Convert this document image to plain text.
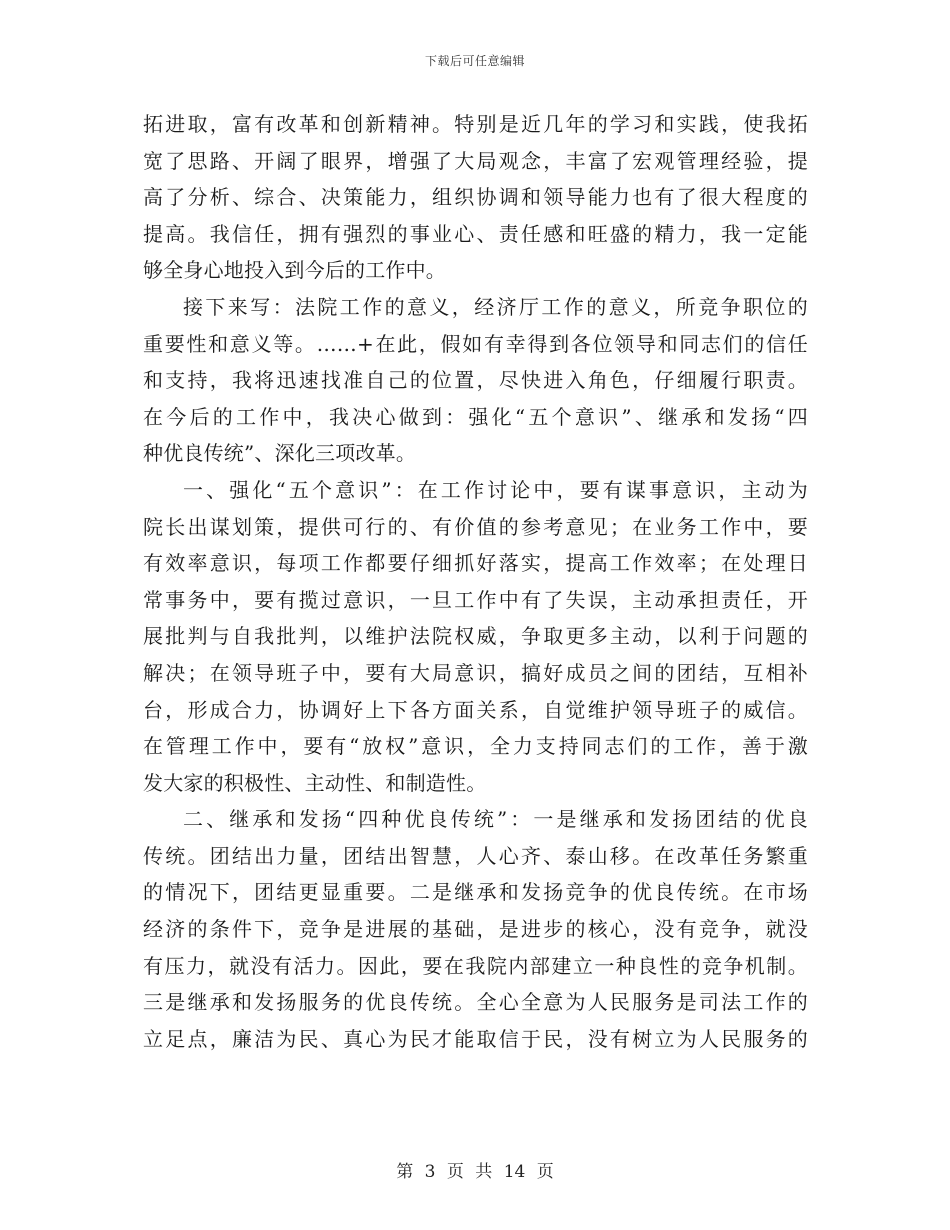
下载后可任意编辑
拓进取，富有改革和创新精神。特别是近几年的学习和实践，使我拓
宽了思路、开阔了眼界，增强了大局观念，丰富了宏观管理经验，提
高了分析、综合、决策能力，组织协调和领导能力也有了很大程度的
提高。我信任，拥有强烈的事业心、责任感和旺盛的精力，我一定能
够全身心地投入到今后的工作中。
接下来写：法院工作的意义，经济厅工作的意义，所竞争职位的
重要性和意义等。……+在此，假如有幸得到各位领导和同志们的信任
和支持，我将迅速找准自己的位置，尽快进入角色，仔细履行职责。
在今后的工作中，我决心做到：强化“五个意识”、继承和发扬“四
种优良传统”、深化三项改革。
一、强化“五个意识”：在工作讨论中，要有谋事意识，主动为
院长出谋划策，提供可行的、有价值的参考意见；在业务工作中，要
有效率意识，每项工作都要仔细抓好落实，提高工作效率；在处理日
常事务中，要有揽过意识，一旦工作中有了失误，主动承担责任，开
展批判与自我批判，以维护法院权威，争取更多主动，以利于问题的
解决；在领导班子中，要有大局意识，搞好成员之间的团结，互相补
台，形成合力，协调好上下各方面关系，自觉维护领导班子的威信。
在管理工作中，要有“放权”意识，全力支持同志们的工作，善于激
发大家的积极性、主动性、和制造性。
二、继承和发扬“四种优良传统”：一是继承和发扬团结的优良
传统。团结出力量，团结出智慧，人心齐、泰山移。在改革任务繁重
的情况下，团结更显重要。二是继承和发扬竞争的优良传统。在市场
经济的条件下，竞争是进展的基础，是进步的核心，没有竞争，就没
有压力，就没有活力。因此，要在我院内部建立一种良性的竞争机制。
三是继承和发扬服务的优良传统。全心全意为人民服务是司法工作的
立足点，廉洁为民、真心为民才能取信于民，没有树立为人民服务的
第 3 页 共 14 页
